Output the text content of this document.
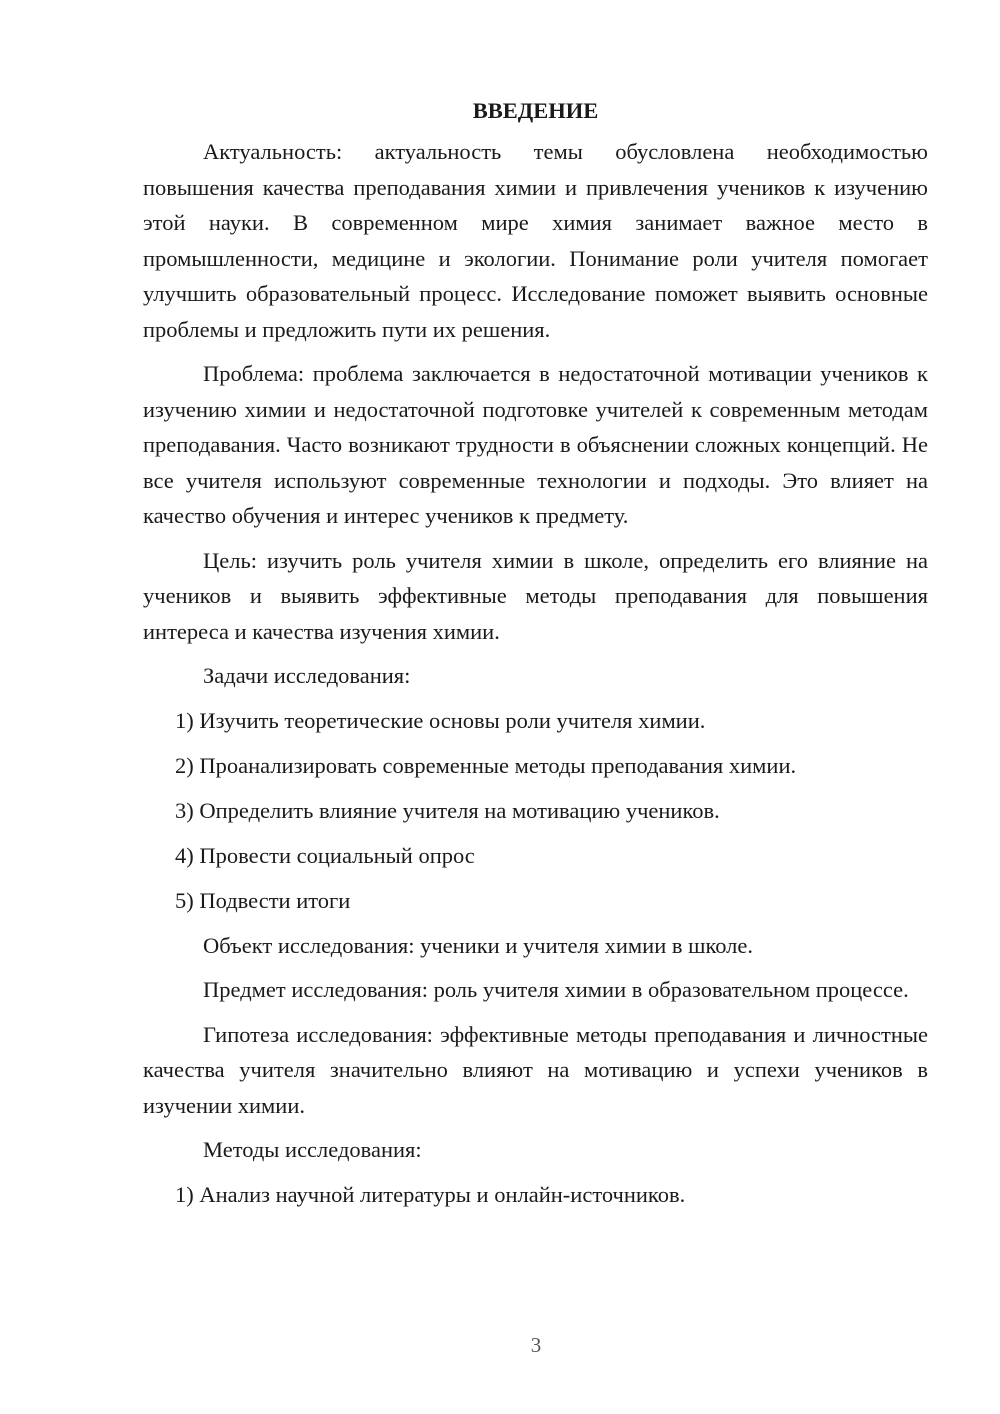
ВВЕДЕНИЕ

Актуальность: актуальность темы обусловлена необходимостью повышения качества преподавания химии и привлечения учеников к изучению этой науки. В современном мире химия занимает важное место в промышленности, медицине и экологии. Понимание роли учителя помогает улучшить образовательный процесс. Исследование поможет выявить основные проблемы и предложить пути их решения.

Проблема: проблема заключается в недостаточной мотивации учеников к изучению химии и недостаточной подготовке учителей к современным методам преподавания. Часто возникают трудности в объяснении сложных концепций. Не все учителя используют современные технологии и подходы. Это влияет на качество обучения и интерес учеников к предмету.

Цель: изучить роль учителя химии в школе, определить его влияние на учеников и выявить эффективные методы преподавания для повышения интереса и качества изучения химии.

Задачи исследования:

1) Изучить теоретические основы роли учителя химии.
2) Проанализировать современные методы преподавания химии.
3) Определить влияние учителя на мотивацию учеников.
4) Провести социальный опрос
5) Подвести итоги

Объект исследования: ученики и учителя химии в школе.

Предмет исследования: роль учителя химии в образовательном процессе.

Гипотеза исследования: эффективные методы преподавания и личностные качества учителя значительно влияют на мотивацию и успехи учеников в изучении химии.

Методы исследования:

1) Анализ научной литературы и онлайн-источников.
3
